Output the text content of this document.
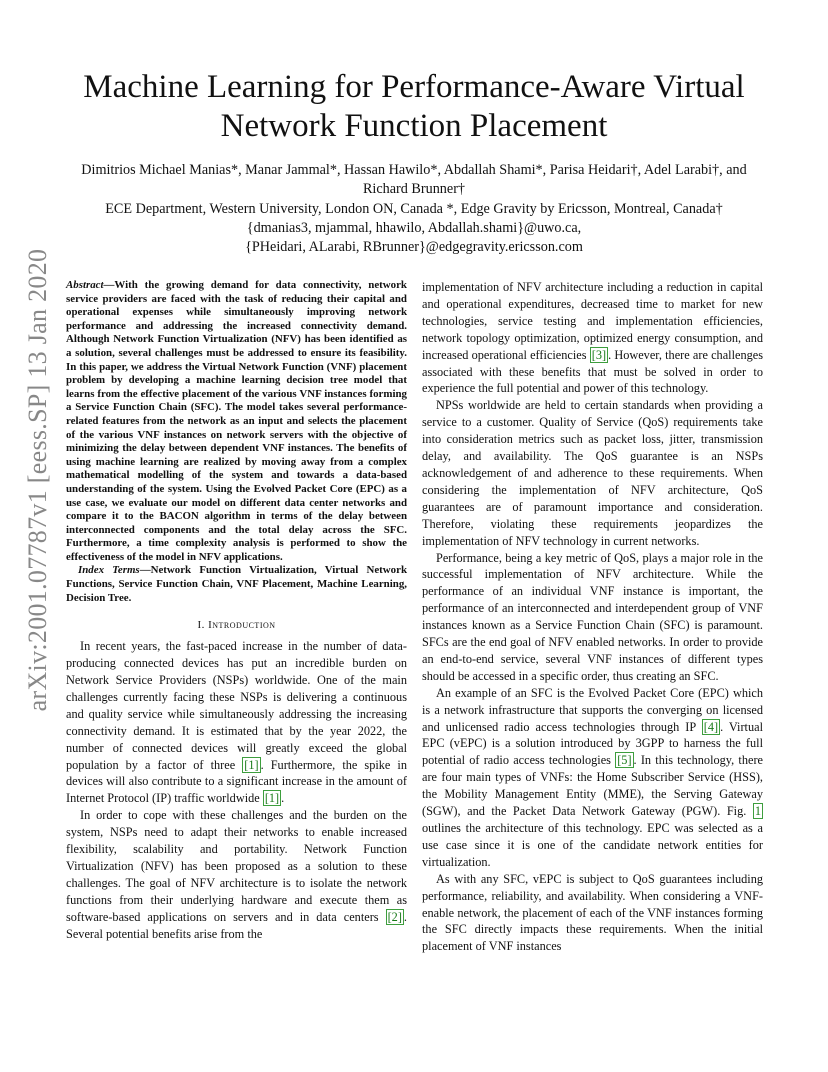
arXiv:2001.07787v1 [eess.SP] 13 Jan 2020
Machine Learning for Performance-Aware Virtual Network Function Placement
Dimitrios Michael Manias*, Manar Jammal*, Hassan Hawilo*, Abdallah Shami*, Parisa Heidari†, Adel Larabi†, and Richard Brunner†
ECE Department, Western University, London ON, Canada *, Edge Gravity by Ericsson, Montreal, Canada†
{dmanias3, mjammal, hhawilo, Abdallah.shami}@uwo.ca,
{PHeidari, ALarabi, RBrunner}@edgegravity.ericsson.com

Abstract—With the growing demand for data connectivity, network service providers are faced with the task of reducing their capital and operational expenses while simultaneously improving network performance and addressing the increased connectivity demand. Although Network Function Virtualization (NFV) has been identified as a solution, several challenges must be addressed to ensure its feasibility. In this paper, we address the Virtual Network Function (VNF) placement problem by developing a machine learning decision tree model that learns from the effective placement of the various VNF instances forming a Service Function Chain (SFC). The model takes several performance-related features from the network as an input and selects the placement of the various VNF instances on network servers with the objective of minimizing the delay between dependent VNF instances. The benefits of using machine learning are realized by moving away from a complex mathematical modelling of the system and towards a data-based understanding of the system. Using the Evolved Packet Core (EPC) as a use case, we evaluate our model on different data center networks and compare it to the BACON algorithm in terms of the delay between interconnected components and the total delay across the SFC. Furthermore, a time complexity analysis is performed to show the effectiveness of the model in NFV applications.

Index Terms—Network Function Virtualization, Virtual Network Functions, Service Function Chain, VNF Placement, Machine Learning, Decision Tree.

I. Introduction

In recent years, the fast-paced increase in the number of data-producing connected devices has put an incredible burden on Network Service Providers (NSPs) worldwide. One of the main challenges currently facing these NSPs is delivering a continuous and quality service while simultaneously addressing the increasing connectivity demand. It is estimated that by the year 2022, the number of connected devices will greatly exceed the global population by a factor of three [1] . Furthermore, the spike in devices will also contribute to a significant increase in the amount of Internet Protocol (IP) traffic worldwide [1] .

In order to cope with these challenges and the burden on the system, NSPs need to adapt their networks to enable increased flexibility, scalability and portability. Network Function Virtualization (NFV) has been proposed as a solution to these challenges. The goal of NFV architecture is to isolate the network functions from their underlying hardware and execute them as software-based applications on servers and in data centers [2] . Several potential benefits arise from the

implementation of NFV architecture including a reduction in capital and operational expenditures, decreased time to market for new technologies, service testing and implementation efficiencies, network topology optimization, optimized energy consumption, and increased operational efficiencies [3] . However, there are challenges associated with these benefits that must be solved in order to experience the full potential and power of this technology.

NPSs worldwide are held to certain standards when providing a service to a customer. Quality of Service (QoS) requirements take into consideration metrics such as packet loss, jitter, transmission delay, and availability. The QoS guarantee is an NSPs acknowledgement of and adherence to these requirements. When considering the implementation of NFV architecture, QoS guarantees are of paramount importance and consideration. Therefore, violating these requirements jeopardizes the implementation of NFV technology in current networks.

Performance, being a key metric of QoS, plays a major role in the successful implementation of NFV architecture. While the performance of an individual VNF instance is important, the performance of an interconnected and interdependent group of VNF instances known as a Service Function Chain (SFC) is paramount. SFCs are the end goal of NFV enabled networks. In order to provide an end-to-end service, several VNF instances of different types should be accessed in a specific order, thus creating an SFC.

An example of an SFC is the Evolved Packet Core (EPC) which is a network infrastructure that supports the converging on licensed and unlicensed radio access technologies through IP [4] . Virtual EPC (vEPC) is a solution introduced by 3GPP to harness the full potential of radio access technologies [5] . In this technology, there are four main types of VNFs: the Home Subscriber Service (HSS), the Mobility Management Entity (MME), the Serving Gateway (SGW), and the Packet Data Network Gateway (PGW). Fig. 1 outlines the architecture of this technology. EPC was selected as a use case since it is one of the candidate network entities for virtualization.

As with any SFC, vEPC is subject to QoS guarantees including performance, reliability, and availability. When considering a VNF-enable network, the placement of each of the VNF instances forming the SFC directly impacts these requirements. When the initial placement of VNF instances
